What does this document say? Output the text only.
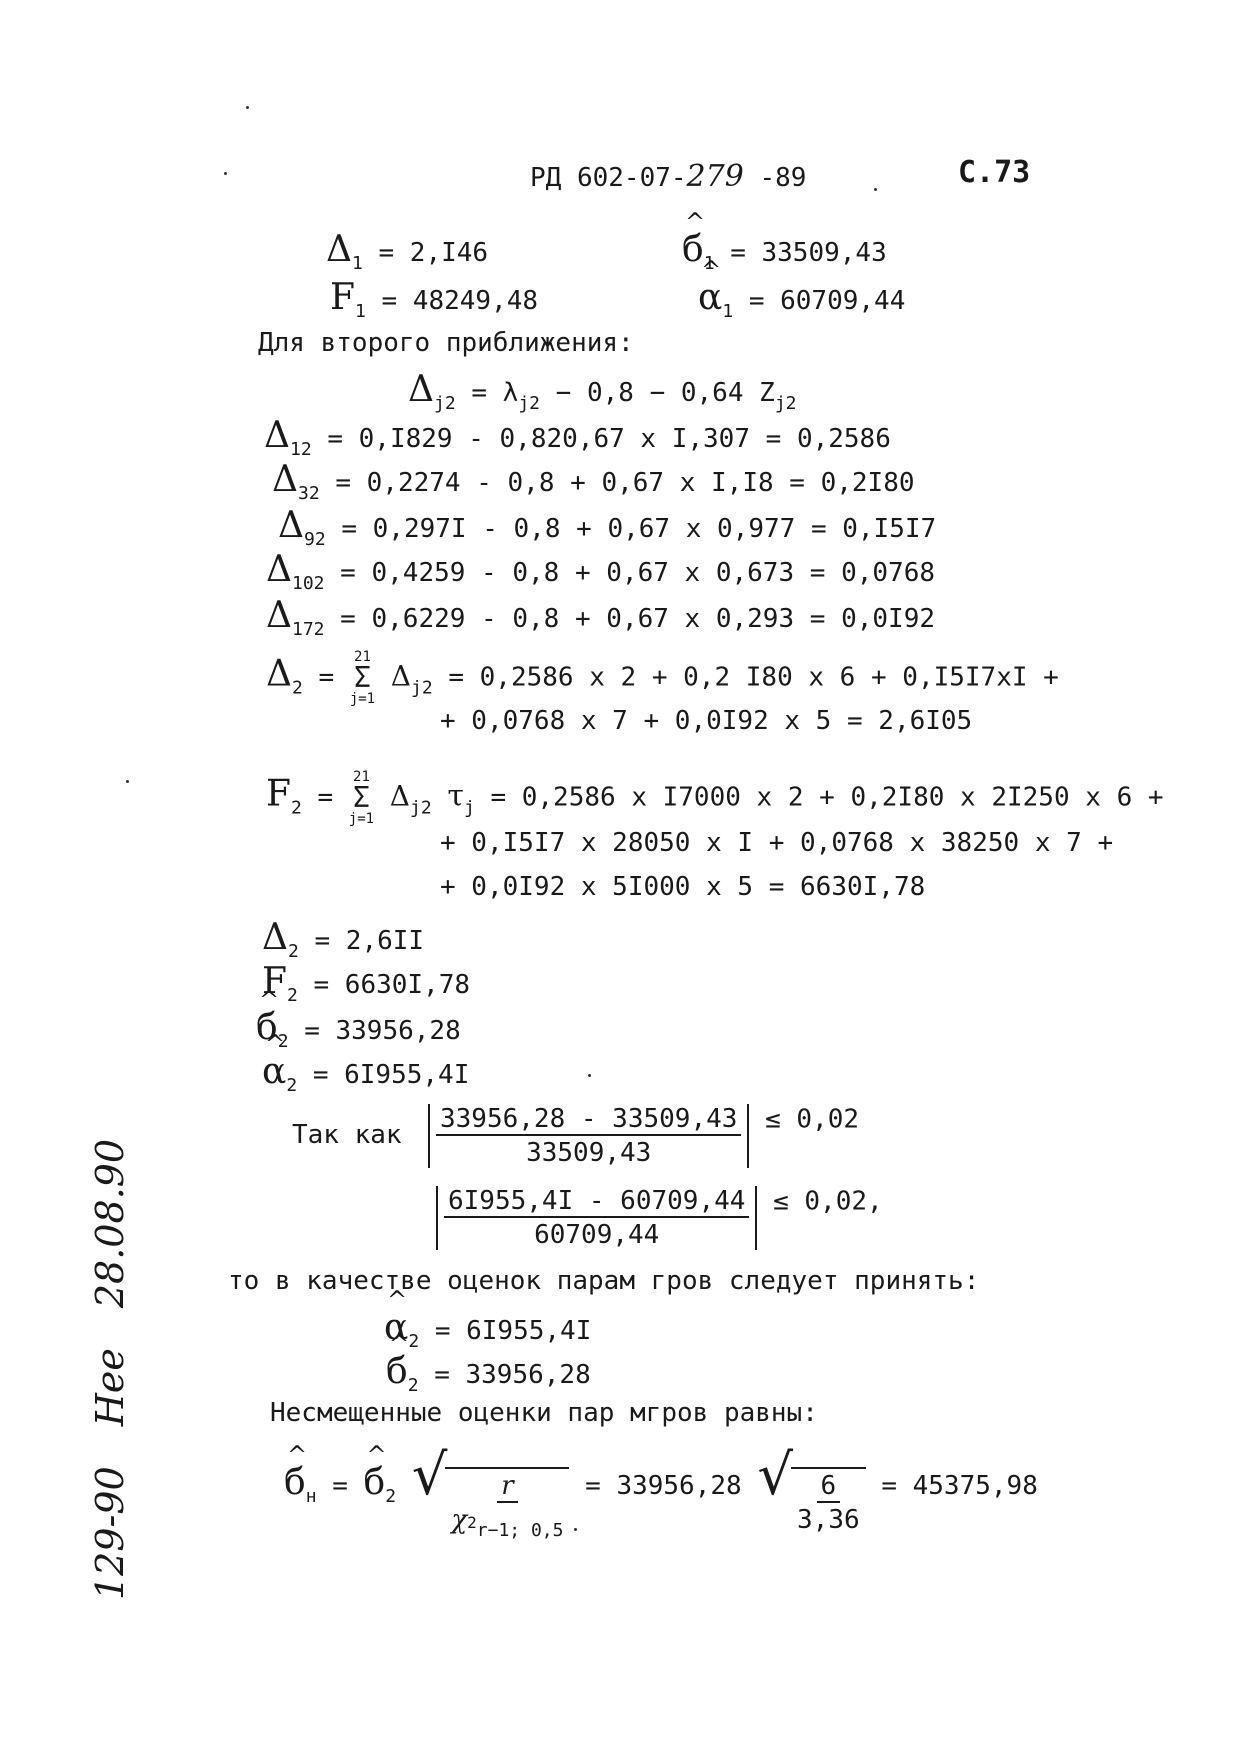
РД 602-07-279 -89	С.73
$\Delta_1 = 2,I46$
$F_1 = 48249,48$
^ $б_1 = 33509,43$
^ $\alpha_1 = 60709,44$
Для второго приближения:
$\Delta_{j2} = \lambda_{j2} - 0,8 - 0,64$ $Z_{j2}$
$\Delta_{12} = 0,I829 - 0,820,67$ x I,307 = 0,2586
$\Delta_{32} = 0,2274 - 0,8 + 0,67$ x I,I8 = 0,2I80
$\Delta_{92} = 0,297I - 0,8 + 0,67$ x 0,977 = 0,I5I7
$\Delta_{102} = 0,4259 - 0,8 + 0,67$ x 0,673 = 0,0768
$\Delta_{172} = 0,6229 - 0,8 + 0,67$ x 0,293 = 0,0I92
$\Delta_2$ =
21
Σ
j=1
$\Delta_{j2} = 0,2586$ x 2 + 0,2 I80 x 6 + 0,I5I7xI +
+ 0,0768 x 7 + 0,0I92 x 5 = 2,6I05
$F_2$ =
21
Σ
j=1
$\Delta_{j2}$ $\tau_j = 0,2586$ x I7000 x 2 + 0,2I80 x 2I250 x 6 +
+ 0,I5I7 x 28050 x I + 0,0768 x 38250 x 7 +
+ 0,0I92 x 5I000 x 5 = 6630I,78
$\Delta_2 = 2,6II$
$F_2 = 6630I,78$
^ $б_2 = 33956,28$
^ $\alpha_2 = 6I955,4I$
Так как $\frac{33956,28 - 33509,43}{33509,43} \le 0,02$
$\frac{6I955,4I - 60709,44}{60709,44} \le 0,02$,
то в качестве оценок парам гров следует принять:
^ $\alpha_2 = 6I955,4I$
^ $б_2 = 33956,28$
Несмещенные оценки пар мгров равны:
^ $б_н$ = ^ $б_2$ √ $\frac{r}{\chi 2_{r-1; 0,5}} = 33956,28$ √ $\frac{6}{3,36} = 45375,98$
129-90Hee28.08.90
